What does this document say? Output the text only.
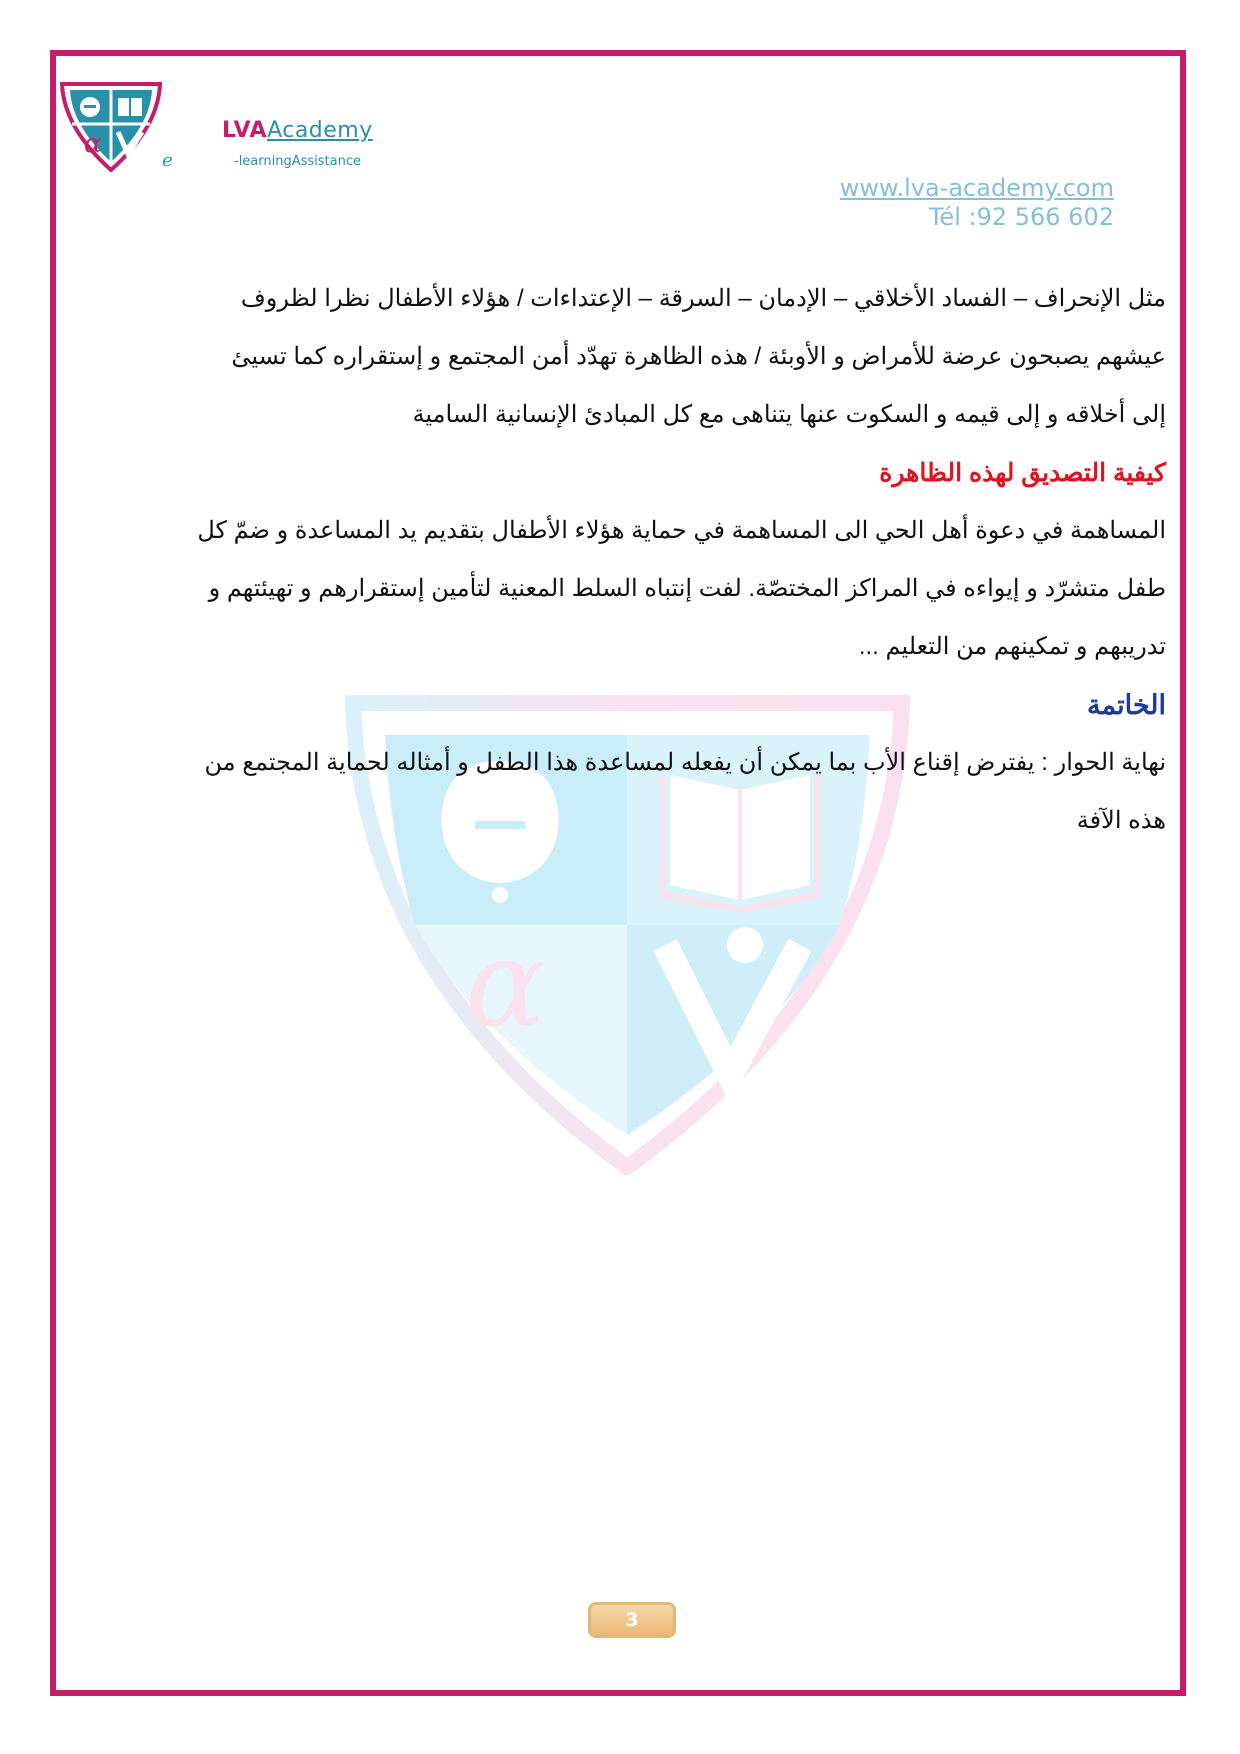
α
e
LVAAcademy
-learningAssistance
www.lva-academy.com
Tél :92 566 602
α

مثل الإنحراف – الفساد الأخلاقي – الإدمان – السرقة – الإعتداءات / هؤلاء الأطفال نظرا لظروف

عيشهم يصبحون عرضة للأمراض و الأوبئة / هذه الظاهرة تهدّد أمن المجتمع و إستقراره كما تسيئ

إلى أخلاقه و إلى قيمه و السكوت عنها يتناهى مع كل المبادئ الإنسانية السامية

كيفية التصديق لهذه الظاهرة

المساهمة في دعوة أهل الحي الى المساهمة في حماية هؤلاء الأطفال بتقديم يد المساعدة و ضمّ كل

طفل متشرّد و إيواءه في المراكز المختصّة. لفت إنتباه السلط المعنية لتأمين إستقرارهم و تهيئتهم و

تدريبهم و تمكينهم من التعليم ...

الخاتمة

نهاية الحوار : يفترض إقناع الأب بما يمكن أن يفعله لمساعدة هذا الطفل و أمثاله لحماية المجتمع من

هذه الآفة

3
